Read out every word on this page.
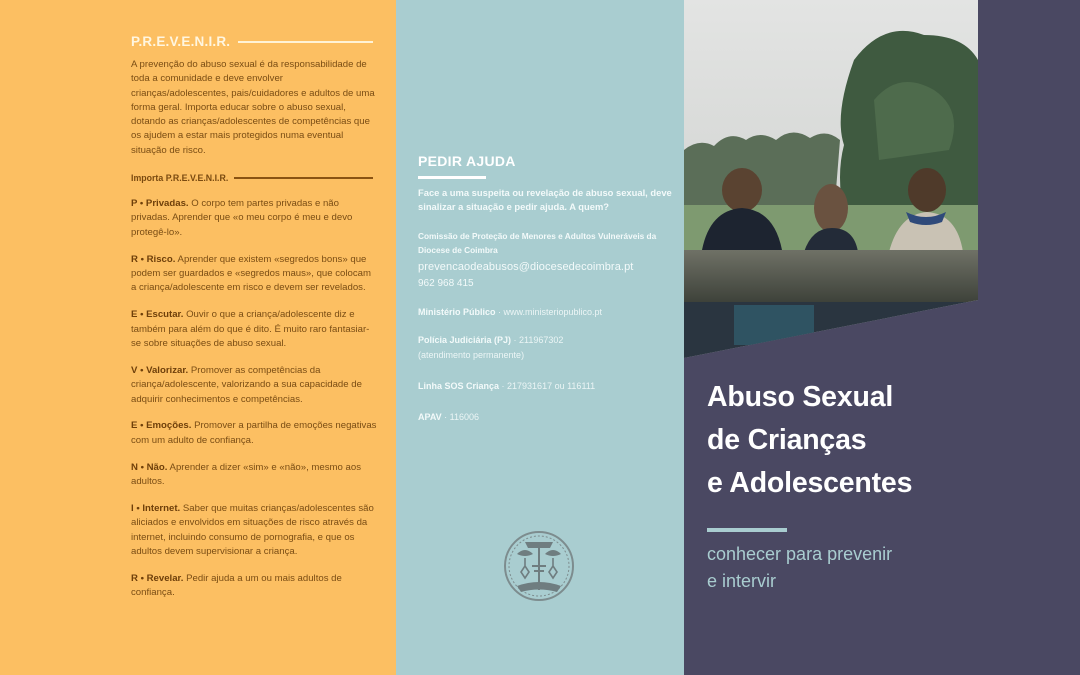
P.R.E.V.E.N.I.R.

A prevenção do abuso sexual é da responsabilidade de toda a comunidade e deve envolver crianças/adolescentes, pais/cuidadores e adultos de uma forma geral. Importa educar sobre o abuso sexual, dotando as crianças/adolescentes de competências que os ajudem a estar mais protegidos numa eventual situação de risco.

Importa P.R.E.V.E.N.I.R.

P • Privadas. O corpo tem partes privadas e não privadas. Aprender que «o meu corpo é meu e devo protegê-lo».

R • Risco. Aprender que existem «segredos bons» que podem ser guardados e «segredos maus», que colocam a criança/adolescente em risco e devem ser revelados.

E • Escutar. Ouvir o que a criança/adolescente diz e também para além do que é dito. É muito raro fantasiar-se sobre situações de abuso sexual.

V • Valorizar. Promover as competências da criança/adolescente, valorizando a sua capacidade de adquirir conhecimentos e competências.

E • Emoções. Promover a partilha de emoções negativas com um adulto de confiança.

N • Não. Aprender a dizer «sim» e «não», mesmo aos adultos.

I • Internet. Saber que muitas crianças/adolescentes são aliciados e envolvidos em situações de risco através da internet, incluindo consumo de pornografia, e que os adultos devem supervisionar a criança.

R • Revelar. Pedir ajuda a um ou mais adultos de confiança.

PEDIR AJUDA

Face a uma suspeita ou revelação de abuso sexual, deve sinalizar a situação e pedir ajuda. A quem?

Comissão de Proteção de Menores e Adultos Vulneráveis da Diocese de Coimbra

prevencaodeabusos@diocesedecoimbra.pt
962 968 415
Ministério Público · www.ministeriopublico.pt
Polícia Judiciária (PJ) · 211967302
(atendimento permanente)
Linha SOS Criança · 217931617 ou 116111
APAV · 116006
Abuso Sexual
de Crianças
e Adolescentes
conhecer para prevenir
e intervir
